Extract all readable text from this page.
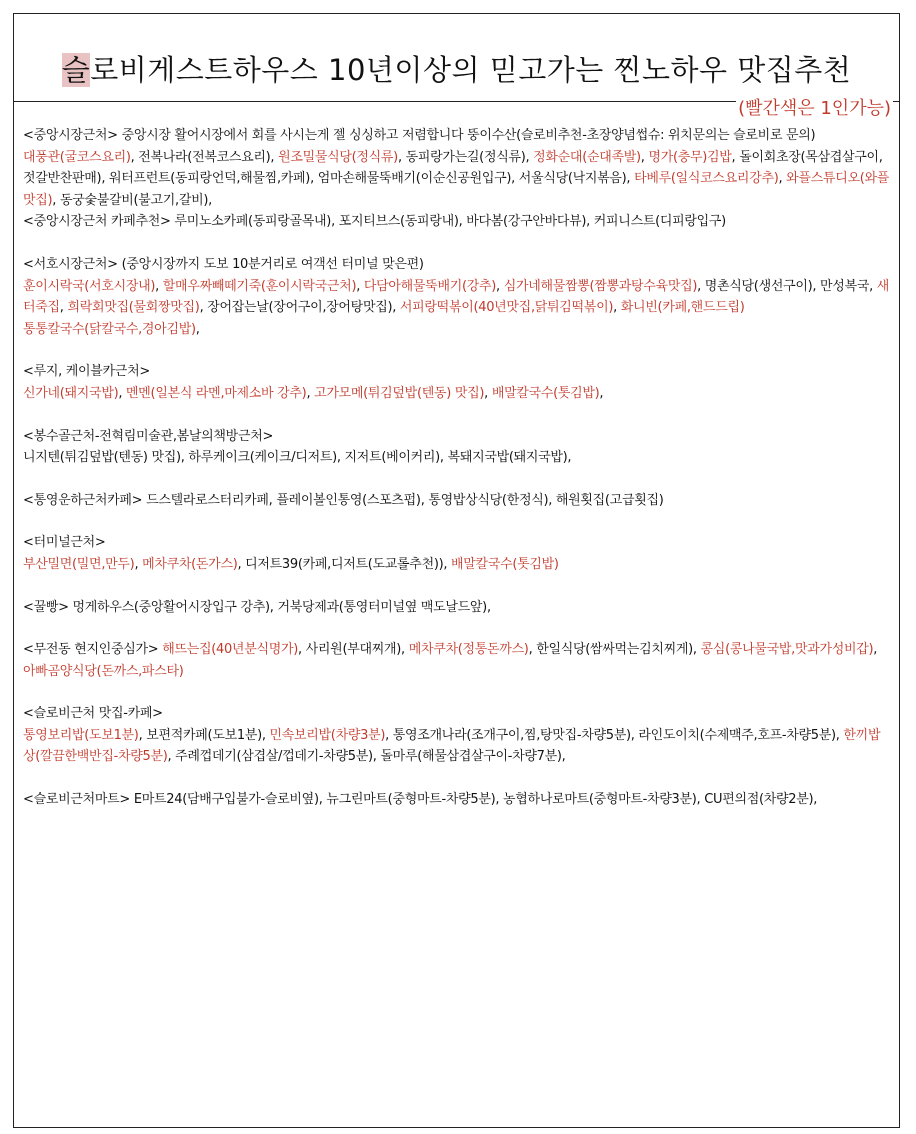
슬로비게스트하우스 10년이상의 믿고가는 찐노하우 맛집추천
(빨간색은 1인가능)

<중앙시장근처> 중앙시장 활어시장에서 회를 사시는게 젤 싱싱하고 저렴합니다 뚱이수산(슬로비추천-초장양념썹슈: 위치문의는 슬로비로 문의)

대풍관(굴코스요리), 전복나라(전복코스요리), 원조밀물식당(정식류), 동피랑가는길(정식류), 정화순대(순대족발), 명가(충무)김밥, 돌이회초장(목삼겹살구이,젓갈반찬판매), 워터프런트(동피랑언덕,해물찜,카페), 엄마손해물뚝배기(이순신공원입구), 서울식당(낙지볶음), 타베루(일식코스요리강추), 와플스튜디오(와플맛집), 동궁숯불갈비(불고기,갈비),

<중앙시장근처 카페추천> 루미노소카페(동피랑골목내), 포지티브스(동피랑내), 바다봄(강구안바다뷰), 커피니스트(디피랑입구)

<서호시장근처> (중앙시장까지 도보 10분거리로 여객선 터미널 맞은편)

훈이시락국(서호시장내), 할매우짜빼떼기죽(훈이시락국근처), 다담아해물뚝배기(강추), 심가네해물짬뽕(짬뽕과탕수육맛집), 명촌식당(생선구이), 만성복국, 새터죽집, 희락회맛집(물회짱맛집), 장어잡는날(장어구이,장어탕맛집), 서피랑떡볶이(40년맛집,닭튀김떡볶이), 화니빈(카페,핸드드립)

통통칼국수(닭칼국수,경아김밥),

<루지, 케이블카근처>

신가네(돼지국밥), 멘멘(일본식 라멘,마제소바 강추), 고가모메(튀김덮밥(텐동) 맛집), 배말칼국수(톳김밥),

<봉수골근처-전혁림미술관,봄날의책방근처>

니지텐(튀김덮밥(텐동) 맛집), 하루케이크(케이크/디저트), 지저트(베이커리), 복돼지국밥(돼지국밥),

<통영운하근처카페> 드스텔라로스터리카페, 플레이볼인통영(스포츠펍), 통영밥상식당(한정식), 해원횟집(고급횟집)

<터미널근처>

부산밀면(밀면,만두), 메차쿠차(돈가스), 디저트39(카페,디저트(도교롤추천)), 배말칼국수(톳김밥)

<꿀빵> 멍게하우스(중앙활어시장입구 강추), 거북당제과(통영터미널옆 맥도날드앞),

<무전동 현지인중심가> 해뜨는집(40년분식명가), 사리원(부대찌개), 메차쿠차(정통돈까스), 한일식당(쌈싸먹는김치찌게), 콩심(콩나물국밥,맛과가성비갑), 아빠곰양식당(돈까스,파스타)

<슬로비근처 맛집-카페>

통영보리밥(도보1분), 보편적카페(도보1분), 민속보리밥(차량3분), 통영조개나라(조개구이,찜,탕맛집-차량5분), 라인도이치(수제맥주,호프-차량5분), 한끼밥상(깔끔한백반집-차량5분), 주례껍데기(삼겹살/껍데기-차량5분), 돌마루(해물삼겹살구이-차량7분),

<슬로비근처마트> E마트24(담배구입불가-슬로비옆), 뉴그린마트(중형마트-차량5분), 농협하나로마트(중형마트-차량3분), CU편의점(차량2분),
